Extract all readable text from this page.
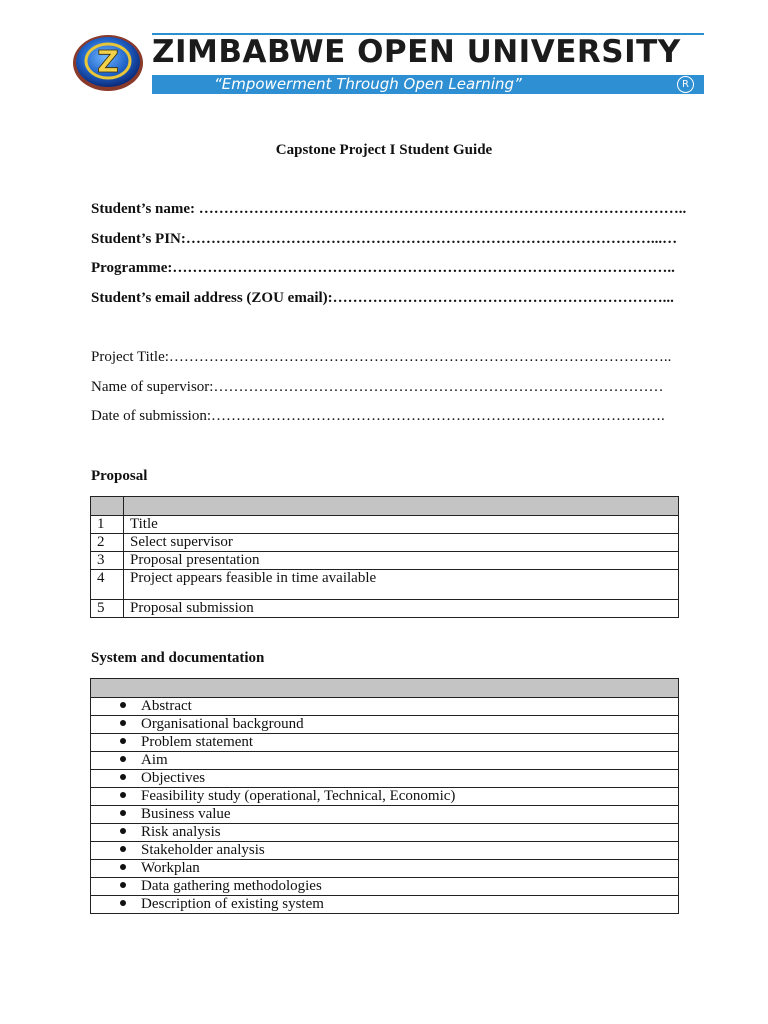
Z ZIMBABWE OPEN UNIVERSITY
“Empowerment Through Open Learning”	R
Capstone Project I Student Guide
Student’s name: ……………………………………………………………………………………..
Student’s PIN:…………………………………………………………………………………...…
Programme:………………………………………………………………………………………..
Student’s email address (ZOU email):…………………………………………………………...
Project Title:………………………………………………………………………………………..
Name of supervisor:………………………………………………………………………………
Date of submission:……………………………………………………………………………….
Proposal

1	Title
2	Select supervisor
3	Proposal presentation
4	Project appears feasible in time available
5	Proposal submission
System and documentation

Abstract
Organisational background
Problem statement
Aim
Objectives
Feasibility study (operational, Technical, Economic)
Business value
Risk analysis
Stakeholder analysis
Workplan
Data gathering methodologies
Description of existing system
